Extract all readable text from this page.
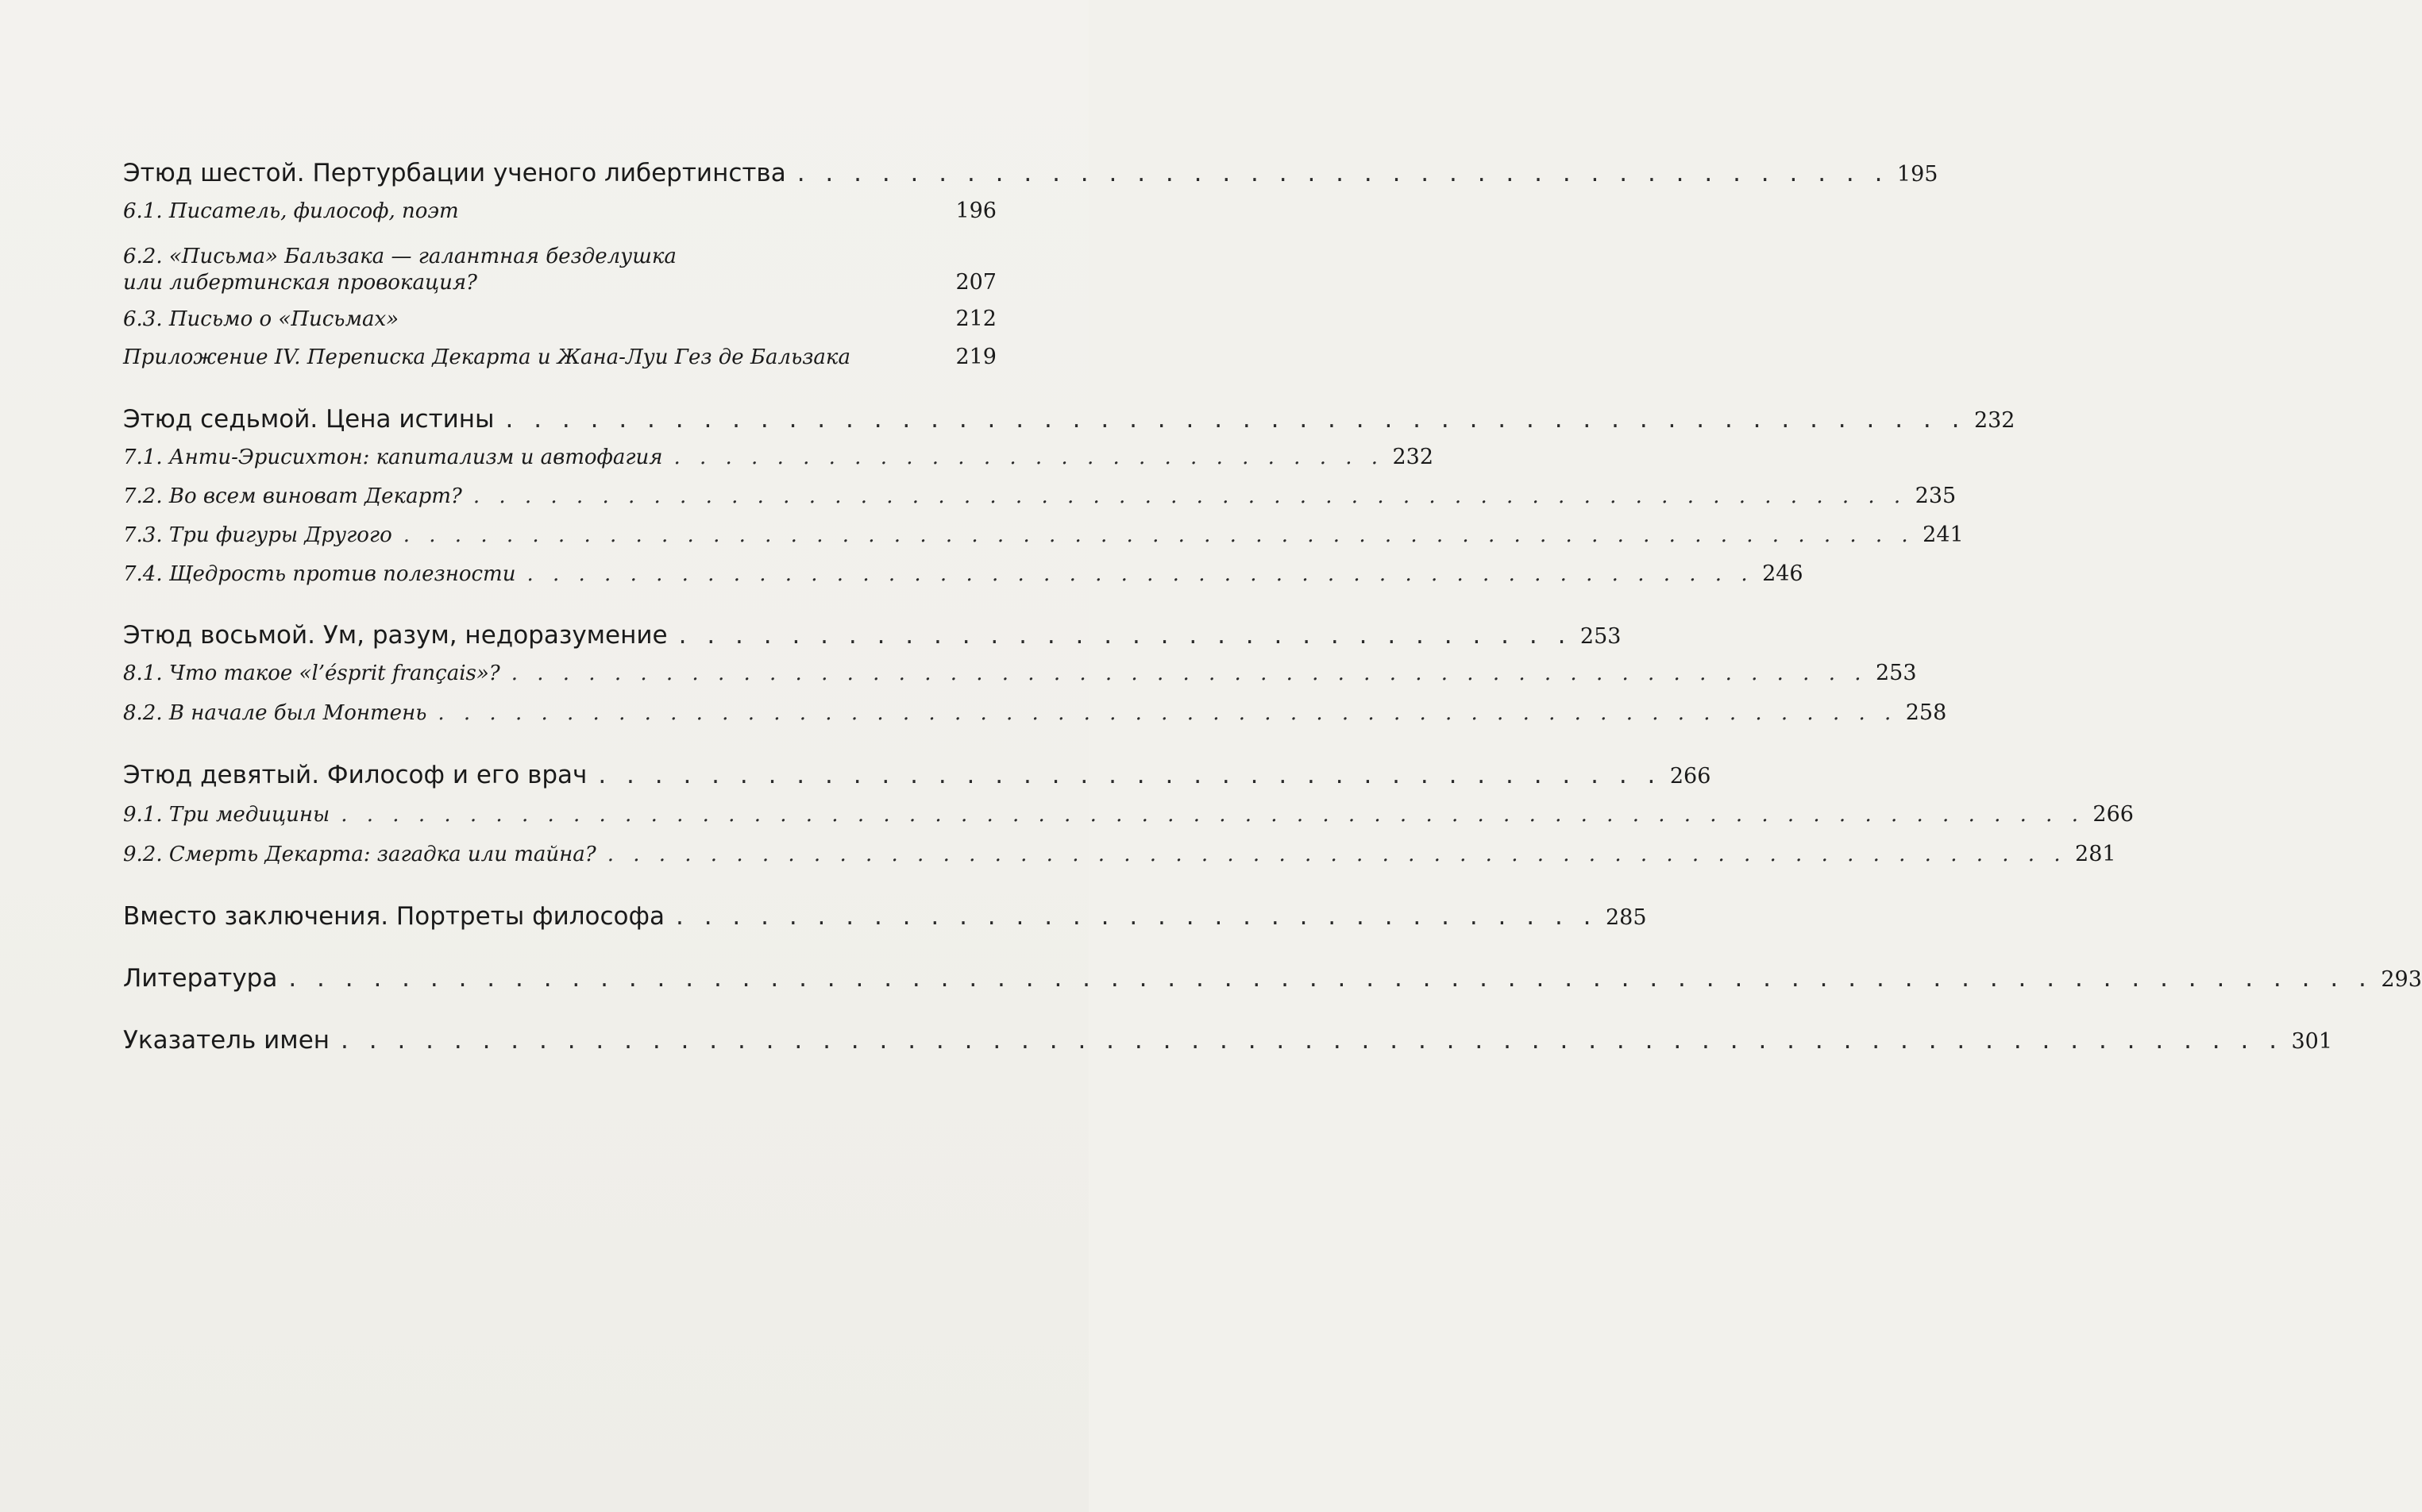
Этюд шестой. Пертурбации ученого либертинства . . . . . . . . . . . . . . . . . . . . . . . . . . . . . . . . . . . . . . . 195
6.1. Писатель, философ, поэт	196
6.2. «Письма» Бальзака — галантная безделушка
или либертинская провокация?	207
6.3. Письмо о «Письмах»	212
Приложение IV. Переписка Декарта и Жана-Луи Гез де Бальзака	219
Этюд седьмой. Цена истины . . . . . . . . . . . . . . . . . . . . . . . . . . . . . . . . . . . . . . . . . . . . . . . . . . . . 232
7.1. Анти-Эрисихтон: капитализм и автофагия . . . . . . . . . . . . . . . . . . . . . . . . . . . . 232
7.2. Во всем виноват Декарт? . . . . . . . . . . . . . . . . . . . . . . . . . . . . . . . . . . . . . . . . . . . . . . . . . . . . . . . . 235
7.3. Три фигуры Другого . . . . . . . . . . . . . . . . . . . . . . . . . . . . . . . . . . . . . . . . . . . . . . . . . . . . . . . . . . . 241
7.4. Щедрость против полезности . . . . . . . . . . . . . . . . . . . . . . . . . . . . . . . . . . . . . . . . . . . . . . . . 246
Этюд восьмой. Ум, разум, недоразумение . . . . . . . . . . . . . . . . . . . . . . . . . . . . . . . . 253
8.1. Что такое «l’ésprit français»? . . . . . . . . . . . . . . . . . . . . . . . . . . . . . . . . . . . . . . . . . . . . . . . . . . . . . 253
8.2. В начале был Монтень . . . . . . . . . . . . . . . . . . . . . . . . . . . . . . . . . . . . . . . . . . . . . . . . . . . . . . . . . 258
Этюд девятый. Философ и его врач . . . . . . . . . . . . . . . . . . . . . . . . . . . . . . . . . . . . . . 266
9.1. Три медицины . . . . . . . . . . . . . . . . . . . . . . . . . . . . . . . . . . . . . . . . . . . . . . . . . . . . . . . . . . . . . . . . . . . . 266
9.2. Смерть Декарта: загадка или тайна? . . . . . . . . . . . . . . . . . . . . . . . . . . . . . . . . . . . . . . . . . . . . . . . . . . . . . . . . . 281
Вместо заключения. Портреты философа . . . . . . . . . . . . . . . . . . . . . . . . . . . . . . . . . 285
Литература . . . . . . . . . . . . . . . . . . . . . . . . . . . . . . . . . . . . . . . . . . . . . . . . . . . . . . . . . . . . . . . . . . . . . . . . . . 293
Указатель имен . . . . . . . . . . . . . . . . . . . . . . . . . . . . . . . . . . . . . . . . . . . . . . . . . . . . . . . . . . . . . . . . . . . . . 301
